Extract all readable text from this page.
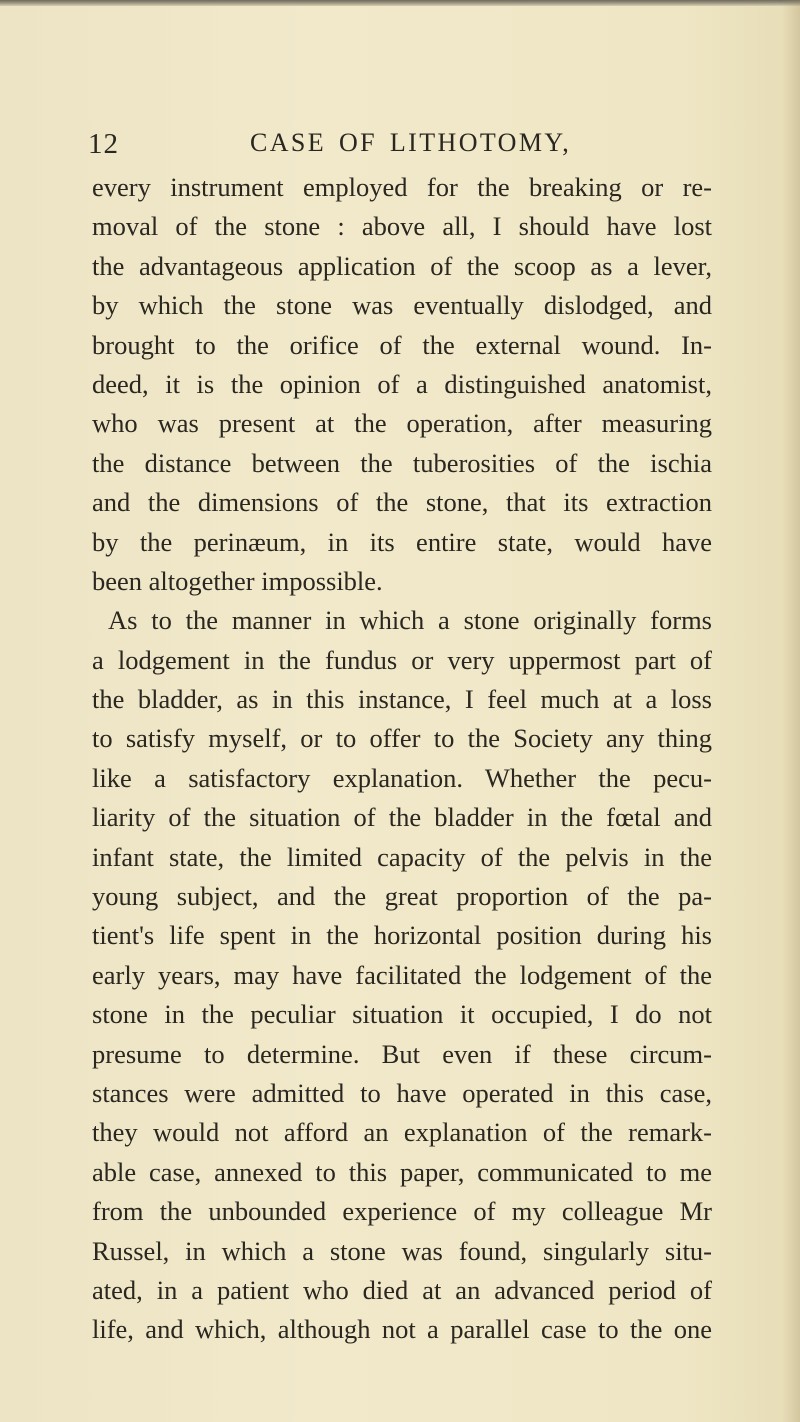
12	CASE OF LITHOTOMY,
every instrument employed for the breaking or re-
moval of the stone : above all, I should have lost
the advantageous application of the scoop as a lever,
by which the stone was eventually dislodged, and
brought to the orifice of the external wound. In-
deed, it is the opinion of a distinguished anatomist,
who was present at the operation, after measuring
the distance between the tuberosities of the ischia
and the dimensions of the stone, that its extraction
by the perinæum, in its entire state, would have
been altogether impossible.
As to the manner in which a stone originally forms
a lodgement in the fundus or very uppermost part of
the bladder, as in this instance, I feel much at a loss
to satisfy myself, or to offer to the Society any thing
like a satisfactory explanation. Whether the pecu-
liarity of the situation of the bladder in the fœtal and
infant state, the limited capacity of the pelvis in the
young subject, and the great proportion of the pa-
tient's life spent in the horizontal position during his
early years, may have facilitated the lodgement of the
stone in the peculiar situation it occupied, I do not
presume to determine. But even if these circum-
stances were admitted to have operated in this case,
they would not afford an explanation of the remark-
able case, annexed to this paper, communicated to me
from the unbounded experience of my colleague Mr
Russel, in which a stone was found, singularly situ-
ated, in a patient who died at an advanced period of
life, and which, although not a parallel case to the one
